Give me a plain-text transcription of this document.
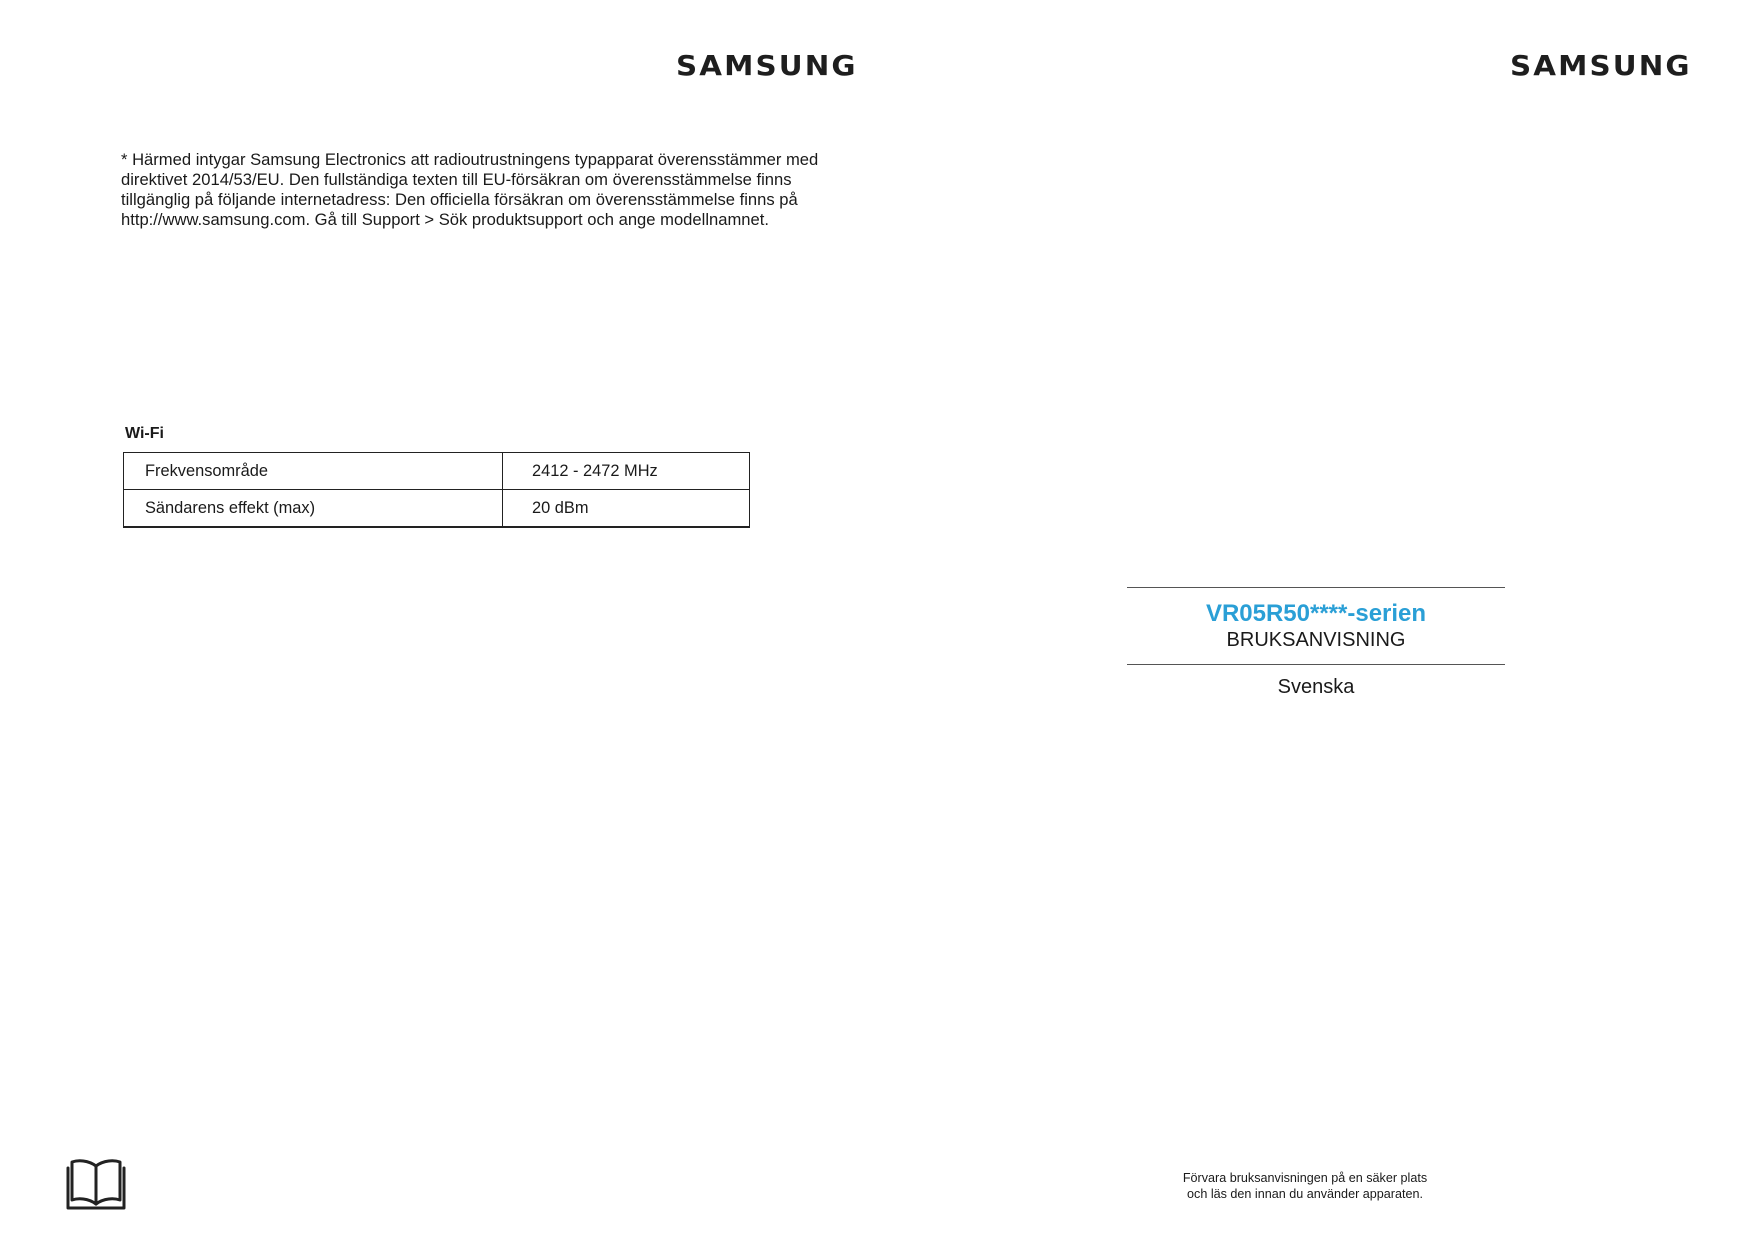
SAMSUNG	SAMSUNG

* Härmed intygar Samsung Electronics att radioutrustningens typapparat överensstämmer med direktivet 2014/53/EU. Den fullständiga texten till EU-försäkran om överensstämmelse finns tillgänglig på följande internetadress: Den officiella försäkran om överensstämmelse finns på http://www.samsung.com. Gå till Support > Sök produktsupport och ange modellnamnet.

Wi-Fi

Frekvensområde	2412 - 2472 MHz
Sändarens effekt (max)	20 dBm
VR05R50****-serien
BRUKSANVISNING
Svenska

Förvara bruksanvisningen på en säker plats
och läs den innan du använder apparaten.
